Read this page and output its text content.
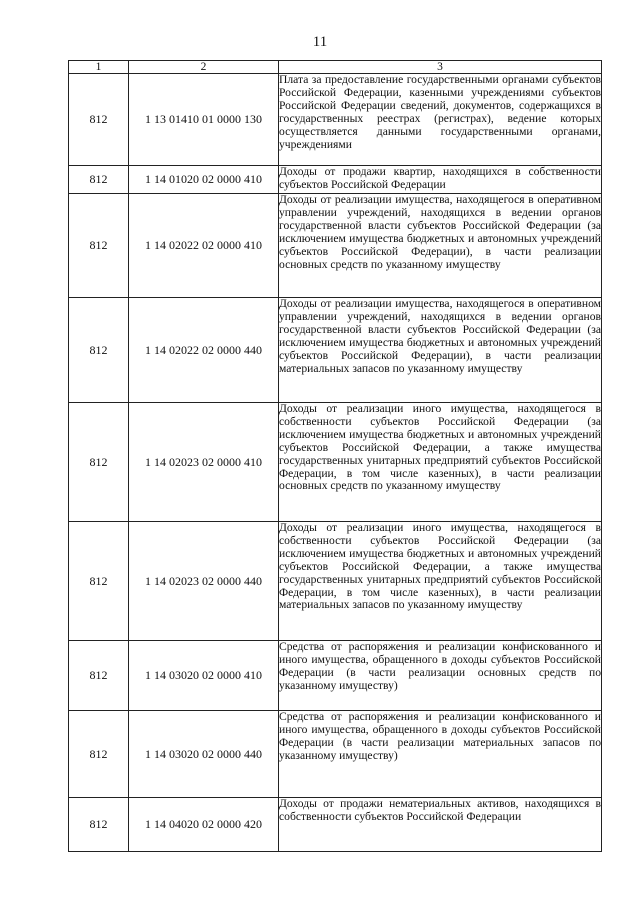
11
1	2	3
812	1 13 01410 01 0000 130	Плата за предоставление государственными органами субъектов Российской Федерации, казенными учреждениями субъектов Российской Федерации сведений, документов, содержащихся в государственных реестрах (регистрах), ведение которых осуществляется данными государственными органами, учреждениями
812	1 14 01020 02 0000 410	Доходы от продажи квартир, находящихся в собственности субъектов Российской Федерации
812	1 14 02022 02 0000 410	Доходы от реализации имущества, находящегося в оперативном управлении учреждений, находящихся в ведении органов государственной власти субъектов Российской Федерации (за исключением имущества бюджетных и автономных учреждений субъектов Российской Федерации), в части реализации основных средств по указанному имуществу
812	1 14 02022 02 0000 440	Доходы от реализации имущества, находящегося в оперативном управлении учреждений, находящихся в ведении органов государственной власти субъектов Российской Федерации (за исключением имущества бюджетных и автономных учреждений субъектов Российской Федерации), в части реализации материальных запасов по указанному имуществу
812	1 14 02023 02 0000 410	Доходы от реализации иного имущества, находящегося в собственности субъектов Российской Федерации (за исключением имущества бюджетных и автономных учреждений субъектов Российской Федерации, а также имущества государственных унитарных предприятий субъектов Российской Федерации, в том числе казенных), в части реализации основных средств по указанному имуществу
812	1 14 02023 02 0000 440	Доходы от реализации иного имущества, находящегося в собственности субъектов Российской Федерации (за исключением имущества бюджетных и автономных учреждений субъектов Российской Федерации, а также имущества государственных унитарных предприятий субъектов Российской Федерации, в том числе казенных), в части реализации материальных запасов по указанному имуществу
812	1 14 03020 02 0000 410	Средства от распоряжения и реализации конфискованного и иного имущества, обращенного в доходы субъектов Российской Федерации (в части реализации основных средств по указанному имуществу)
812	1 14 03020 02 0000 440	Средства от распоряжения и реализации конфискованного и иного имущества, обращенного в доходы субъектов Российской Федерации (в части реализации материальных запасов по указанному имуществу)
812	1 14 04020 02 0000 420	Доходы от продажи нематериальных активов, находящихся в собственности субъектов Российской Федерации
